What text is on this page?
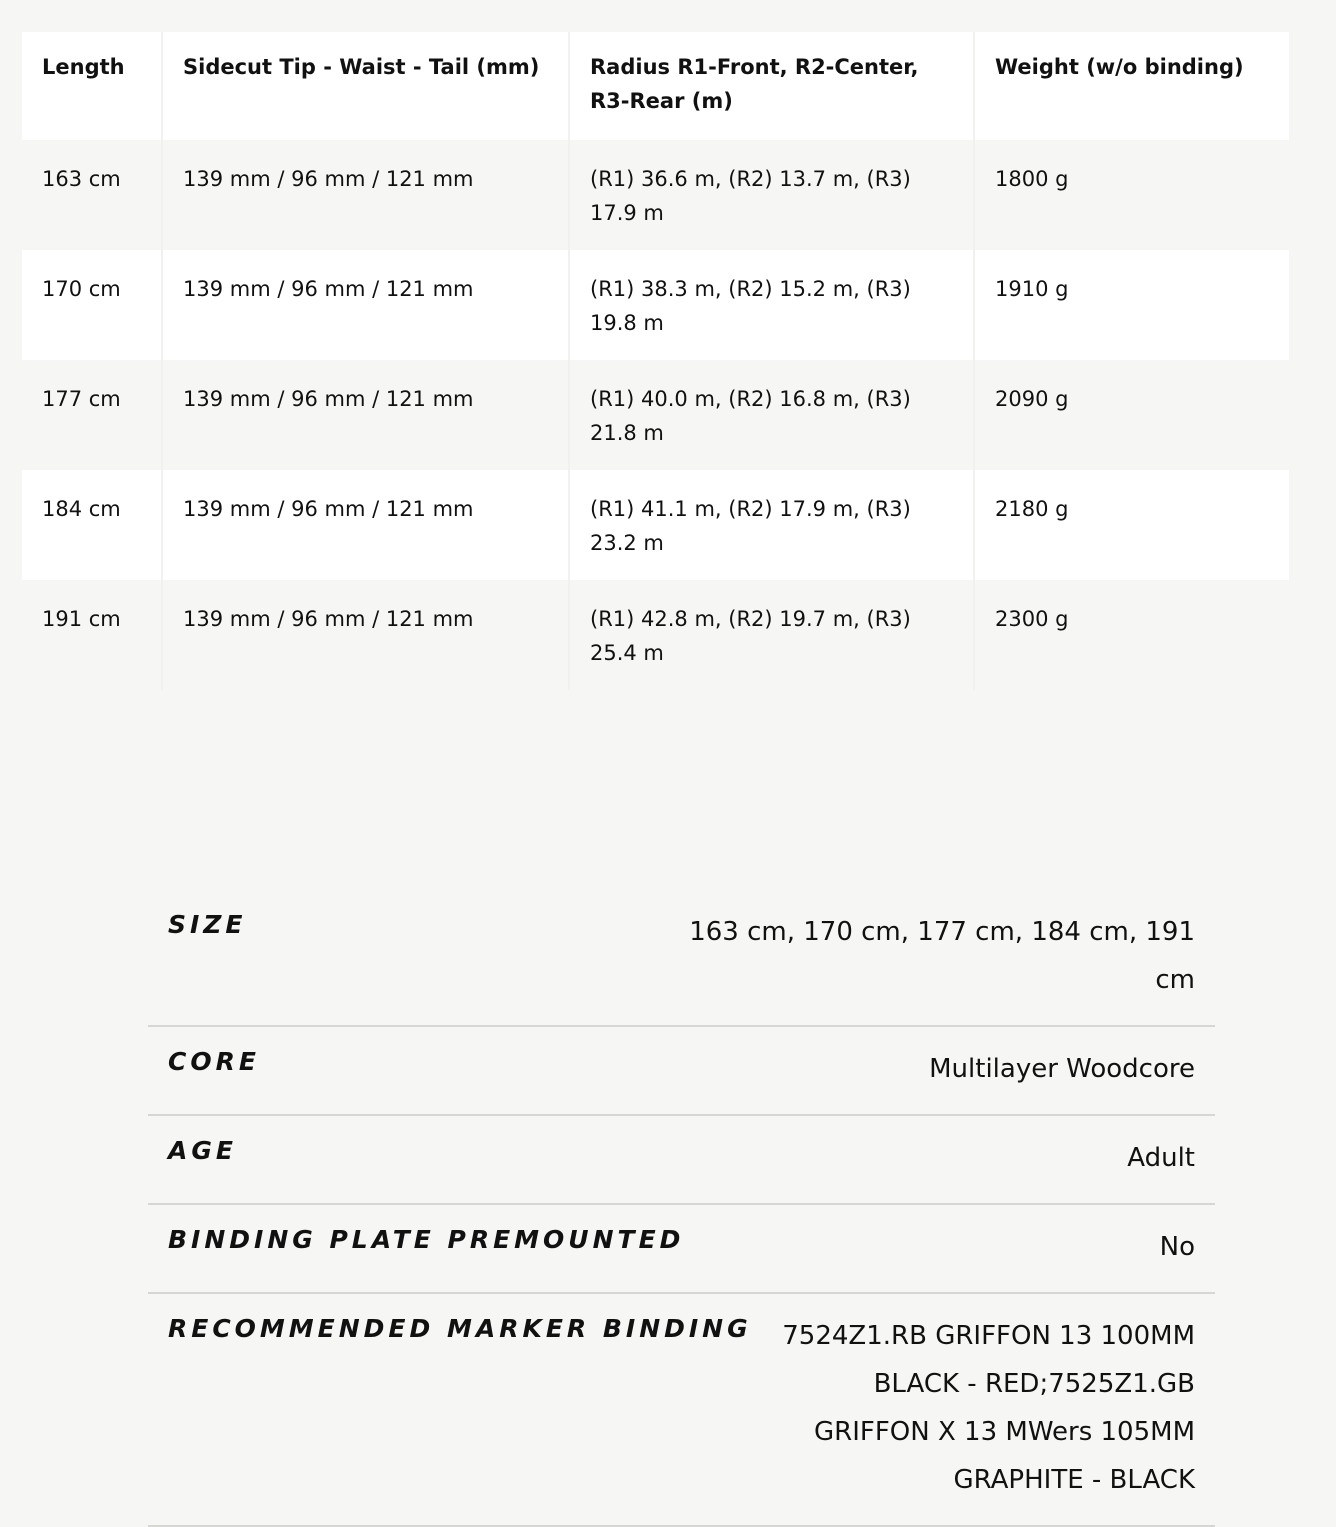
Length	Sidecut Tip - Waist - Tail (mm)	Radius R1-Front, R2-Center, R3-Rear (m)	Weight (w/o binding)
163 cm	139 mm / 96 mm / 121 mm	(R1) 36.6 m, (R2) 13.7 m, (R3) 17.9 m	1800 g
170 cm	139 mm / 96 mm / 121 mm	(R1) 38.3 m, (R2) 15.2 m, (R3) 19.8 m	1910 g
177 cm	139 mm / 96 mm / 121 mm	(R1) 40.0 m, (R2) 16.8 m, (R3) 21.8 m	2090 g
184 cm	139 mm / 96 mm / 121 mm	(R1) 41.1 m, (R2) 17.9 m, (R3) 23.2 m	2180 g
191 cm	139 mm / 96 mm / 121 mm	(R1) 42.8 m, (R2) 19.7 m, (R3) 25.4 m	2300 g
SIZE	163 cm, 170 cm, 177 cm, 184 cm, 191 cm
CORE	Multilayer Woodcore
AGE	Adult
BINDING PLATE PREMOUNTED	No
RECOMMENDED MARKER BINDING	7524Z1.RB GRIFFON 13 100MM BLACK - RED;7525Z1.GB GRIFFON X 13 MWers 105MM GRAPHITE - BLACK
